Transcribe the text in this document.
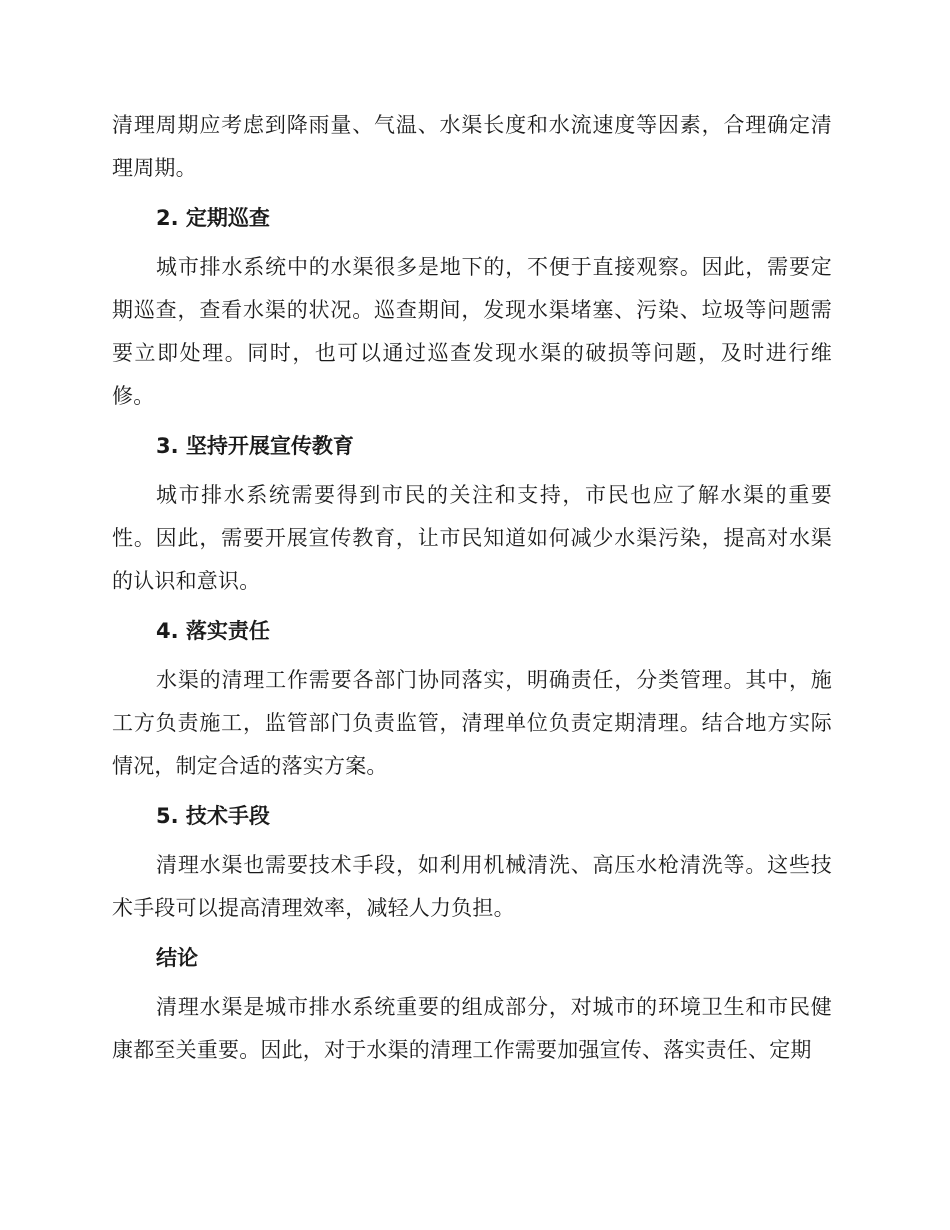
清理周期应考虑到降雨量、气温、水渠长度和水流速度等因素，合理确定清理周期。

2. 定期巡查

城市排水系统中的水渠很多是地下的，不便于直接观察。因此，需要定期巡查，查看水渠的状况。巡查期间，发现水渠堵塞、污染、垃圾等问题需要立即处理。同时，也可以通过巡查发现水渠的破损等问题，及时进行维修。

3. 坚持开展宣传教育

城市排水系统需要得到市民的关注和支持，市民也应了解水渠的重要性。因此，需要开展宣传教育，让市民知道如何减少水渠污染，提高对水渠的认识和意识。

4. 落实责任

水渠的清理工作需要各部门协同落实，明确责任，分类管理。其中，施工方负责施工，监管部门负责监管，清理单位负责定期清理。结合地方实际情况，制定合适的落实方案。

5. 技术手段

清理水渠也需要技术手段，如利用机械清洗、高压水枪清洗等。这些技术手段可以提高清理效率，减轻人力负担。

结论

清理水渠是城市排水系统重要的组成部分，对城市的环境卫生和市民健康都至关重要。因此，对于水渠的清理工作需要加强宣传、落实责任、定期
